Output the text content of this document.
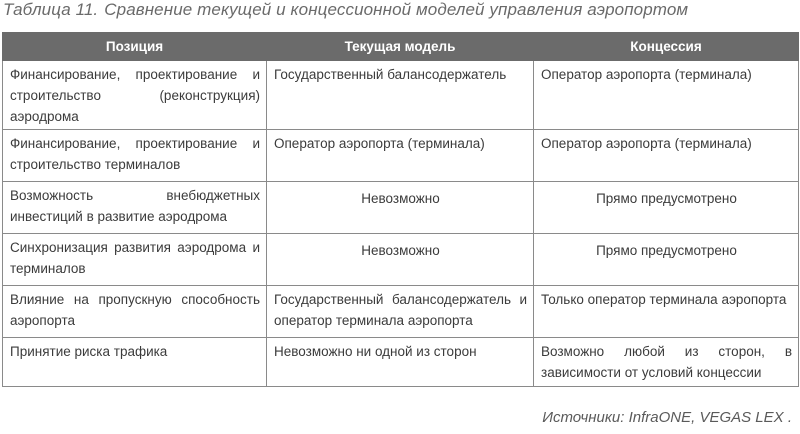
Таблица 11. Сравнение текущей и концессионной моделей управления аэропортом
Позиция	Текущая модель	Концессия
Финансирование, проектирование и строительство (реконструкция) аэродрома	Государственный балансодержатель	Оператор аэропорта (терминала)
Финансирование, проектирование и строительство терминалов	Оператор аэропорта (терминала)	Оператор аэропорта (терминала)
Возможность внебюджетных инвестиций в развитие аэродрома	Невозможно	Прямо предусмотрено
Синхронизация развития аэродрома и терминалов	Невозможно	Прямо предусмотрено
Влияние на пропускную способность аэропорта	Государственный балансодержатель и оператор терминала аэропорта	Только оператор терминала аэропорта
Принятие риска трафика	Невозможно ни одной из сторон	Возможно любой из сторон, в зависимости от условий концессии
Источники: InfraONE, VEGAS LEX .
